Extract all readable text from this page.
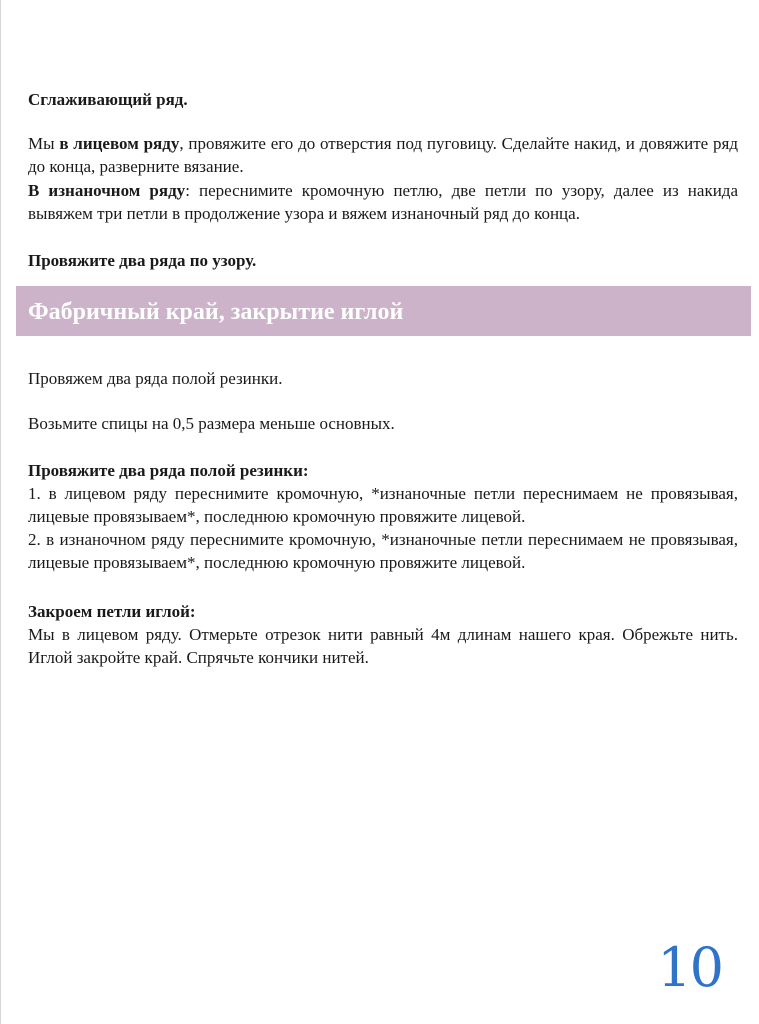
Сглаживающий ряд.

Мы в лицевом ряду, провяжите его до отверстия под пуговицу. Сделайте накид, и довяжите ряд до конца, разверните вязание.

В изнаночном ряду: переснимите кромочную петлю, две петли по узору, далее из накида вывяжем три петли в продолжение узора и вяжем изнаночный ряд до конца.

Провяжите два ряда по узору.

Провяжем два ряда полой резинки.

Возьмите спицы на 0,5 размера меньше основных.

Провяжите два ряда полой резинки:

1. в лицевом ряду переснимите кромочную, *изнаночные петли переснимаем не провязывая, лицевые провязываем*, последнюю кромочную провяжите лицевой.

2. в изнаночном ряду переснимите кромочную, *изнаночные петли переснимаем не провязывая, лицевые провязываем*, последнюю кромочную провяжите лицевой.

Закроем петли иглой:

Мы в лицевом ряду. Отмерьте отрезок нити равный 4м длинам нашего края. Обрежьте нить. Иглой закройте край. Спрячьте кончики нитей.

Фабричный край, закрытие иглой
10
